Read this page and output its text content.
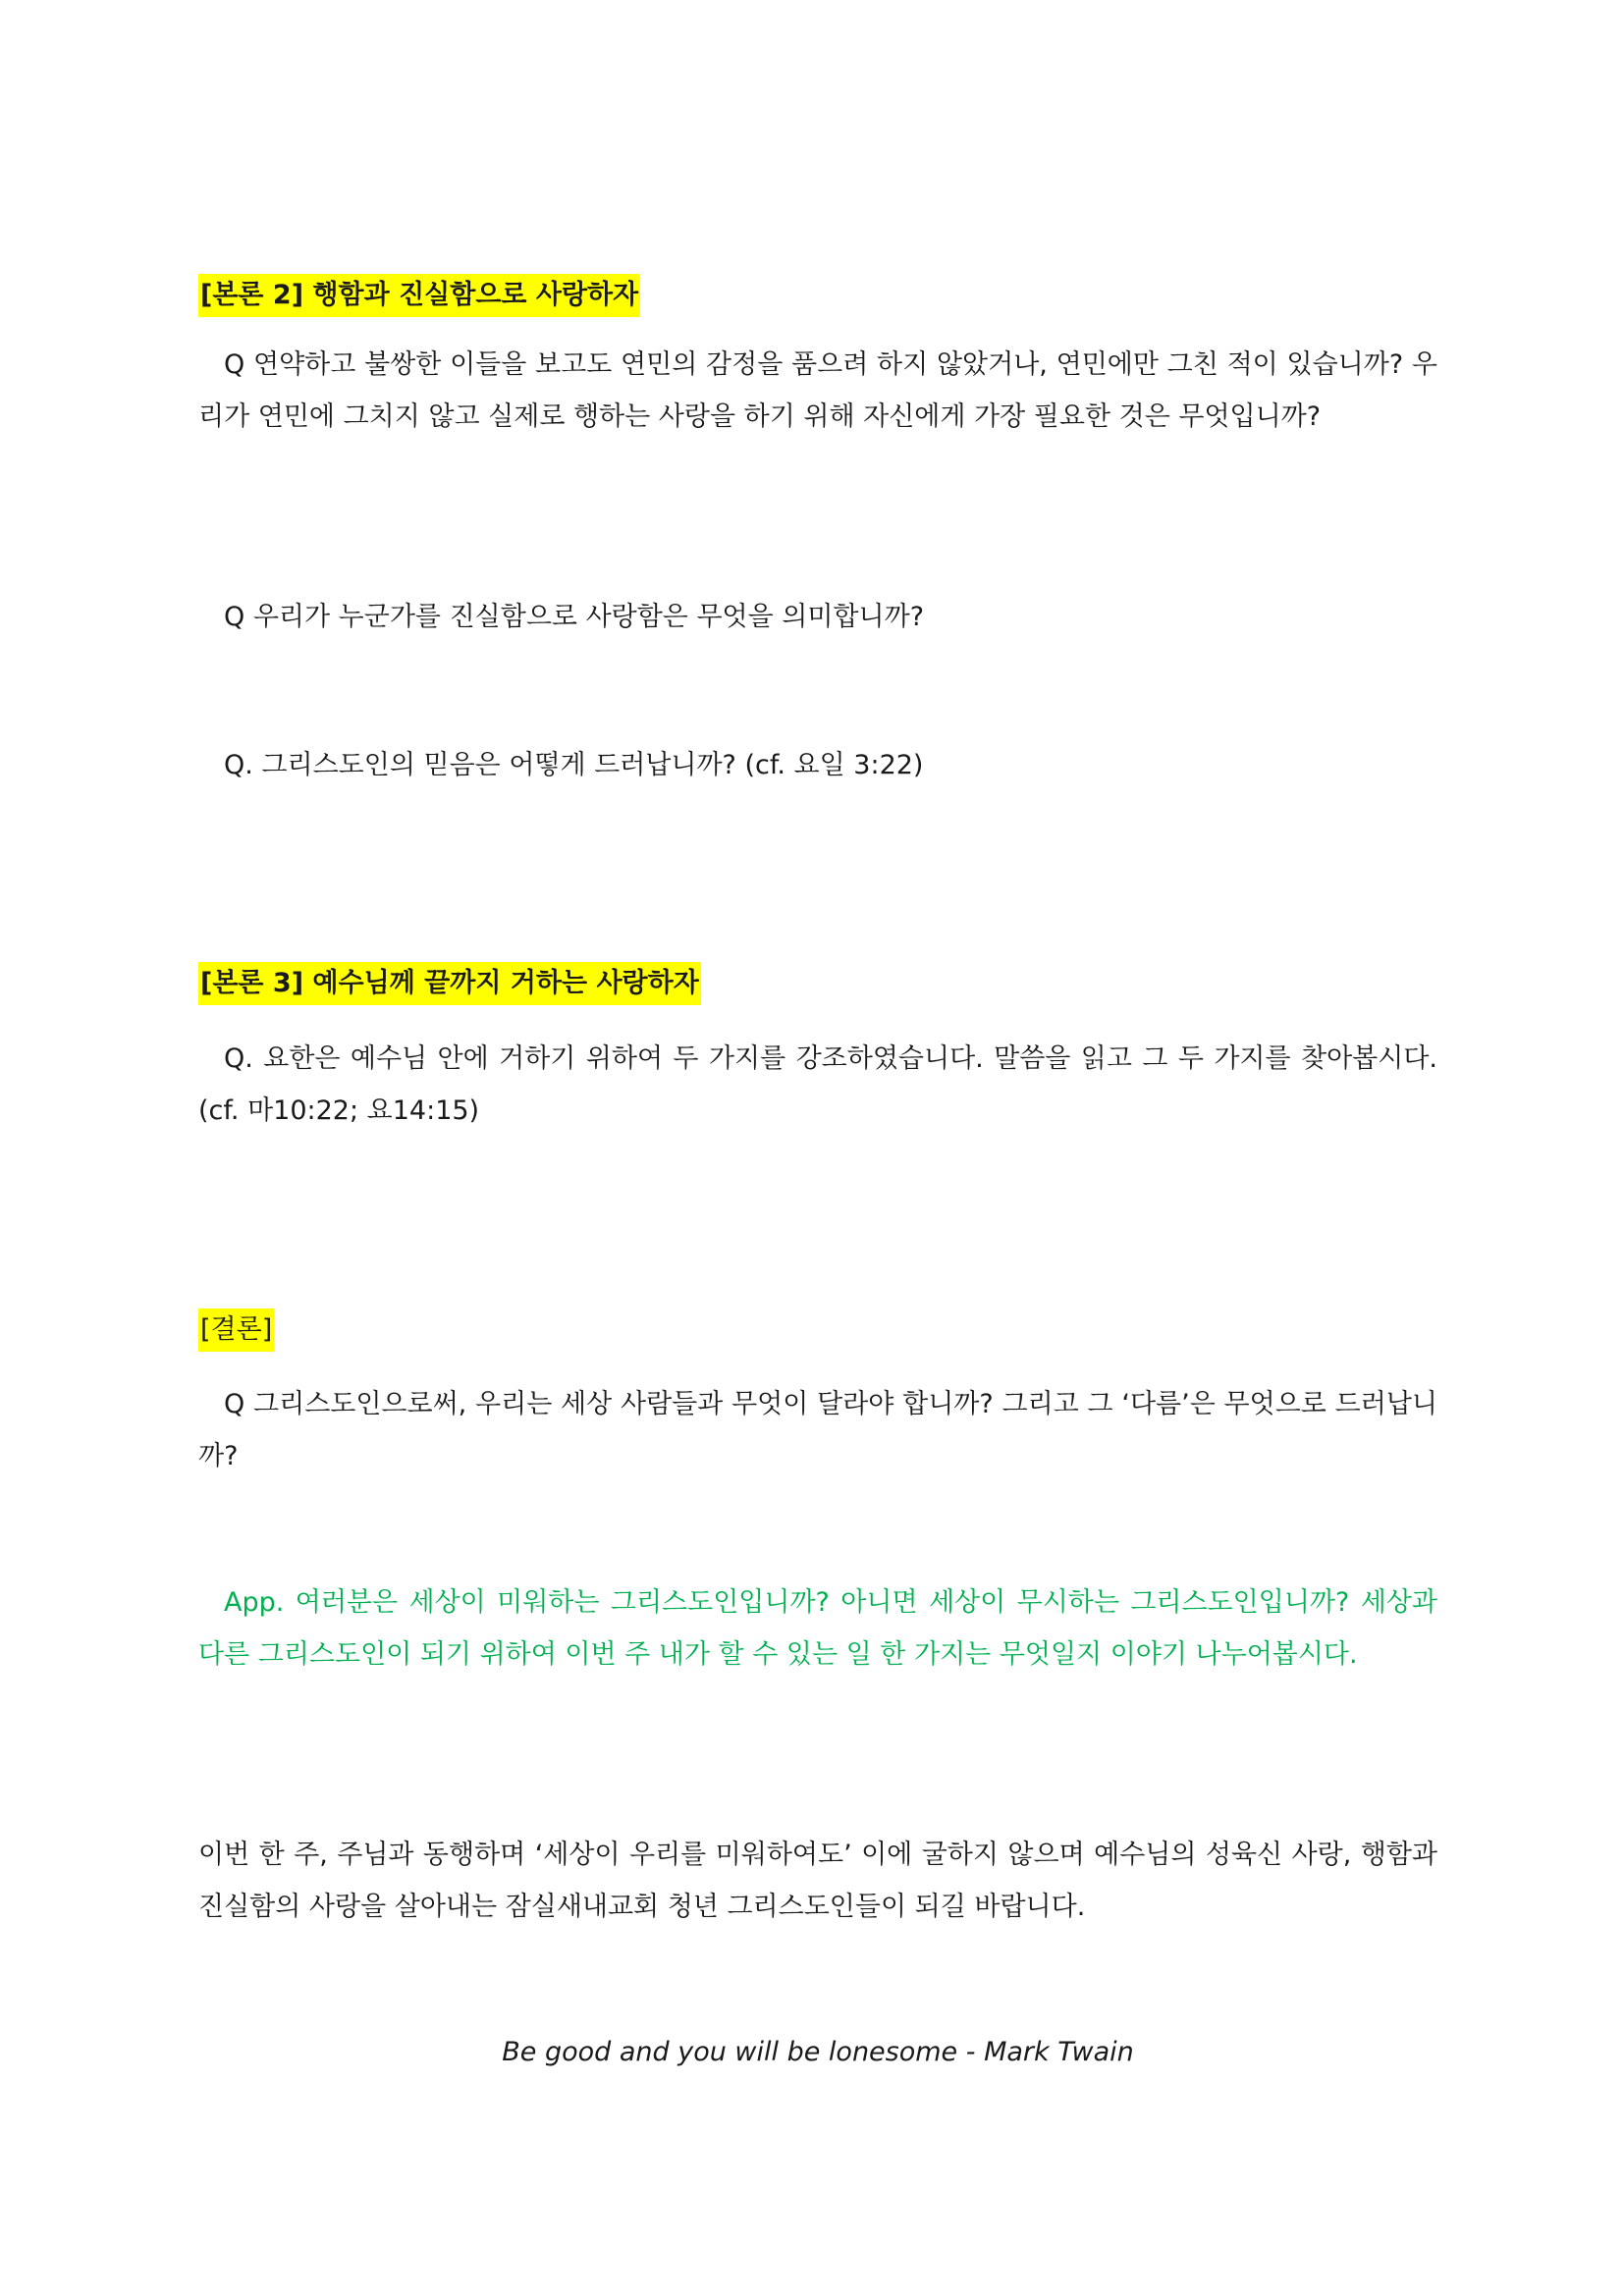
[본론 2] 행함과 진실함으로 사랑하자

Q 연약하고 불쌍한 이들을 보고도 연민의 감정을 품으려 하지 않았거나, 연민에만 그친 적이 있습니까? 우리가 연민에 그치지 않고 실제로 행하는 사랑을 하기 위해 자신에게 가장 필요한 것은 무엇입니까?

Q 우리가 누군가를 진실함으로 사랑함은 무엇을 의미합니까?

Q. 그리스도인의 믿음은 어떻게 드러납니까? (cf. 요일 3:22)

[본론 3] 예수님께 끝까지 거하는 사랑하자

Q. 요한은 예수님 안에 거하기 위하여 두 가지를 강조하였습니다. 말씀을 읽고 그 두 가지를 찾아봅시다. (cf. 마10:22; 요14:15)

[결론]

Q 그리스도인으로써, 우리는 세상 사람들과 무엇이 달라야 합니까? 그리고 그 ‘다름’은 무엇으로 드러납니까?

App. 여러분은 세상이 미워하는 그리스도인입니까? 아니면 세상이 무시하는 그리스도인입니까? 세상과 다른 그리스도인이 되기 위하여 이번 주 내가 할 수 있는 일 한 가지는 무엇일지 이야기 나누어봅시다.

이번 한 주, 주님과 동행하며 ‘세상이 우리를 미워하여도’ 이에 굴하지 않으며 예수님의 성육신 사랑, 행함과 진실함의 사랑을 살아내는 잠실새내교회 청년 그리스도인들이 되길 바랍니다.

Be good and you will be lonesome - Mark Twain
